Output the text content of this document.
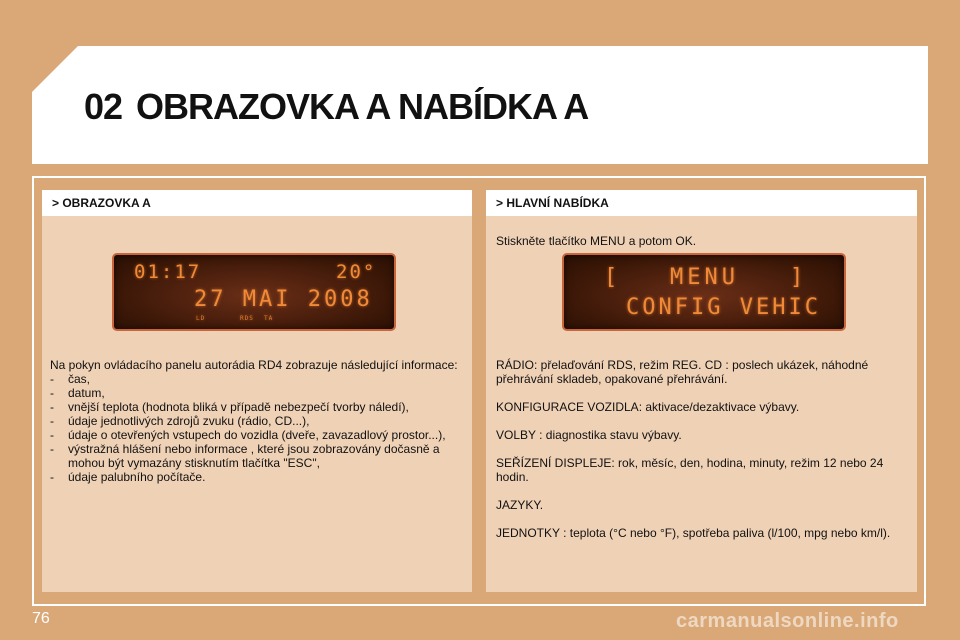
02 OBRAZOVKA A NABÍDKA A
> OBRAZOVKA A
01:17	20°
27 MAI 2008
LD	RDS TA
Na pokyn ovládacího panelu autorádia RD4 zobrazuje následující informace:
- čas,
- datum,
- vnější teplota (hodnota bliká v případě nebezpečí tvorby náledí),
- údaje jednotlivých zdrojů zvuku (rádio, CD...),
- údaje o otevřených vstupech do vozidla (dveře, zavazadlový prostor...),
- výstražná hlášení nebo informace , které jsou zobrazovány dočasně a mohou být vymazány stisknutím tlačítka "ESC",
- údaje palubního počítače.
> HLAVNÍ NABÍDKA
Stiskněte tlačítko MENU a potom OK.
[ MENU ]
CONFIG VEHIC

RÁDIO: přelaďování RDS, režim REG. CD : poslech ukázek, náhodné přehrávání skladeb, opakované přehrávání.

KONFIGURACE VOZIDLA: aktivace/dezaktivace výbavy.

VOLBY : diagnostika stavu výbavy.

SEŘÍZENÍ DISPLEJE: rok, měsíc, den, hodina, minuty, režim 12 nebo 24 hodin.

JAZYKY.

JEDNOTKY : teplota (°C nebo °F), spotřeba paliva (l/100, mpg nebo km/l).

76	carmanualsonline.info
